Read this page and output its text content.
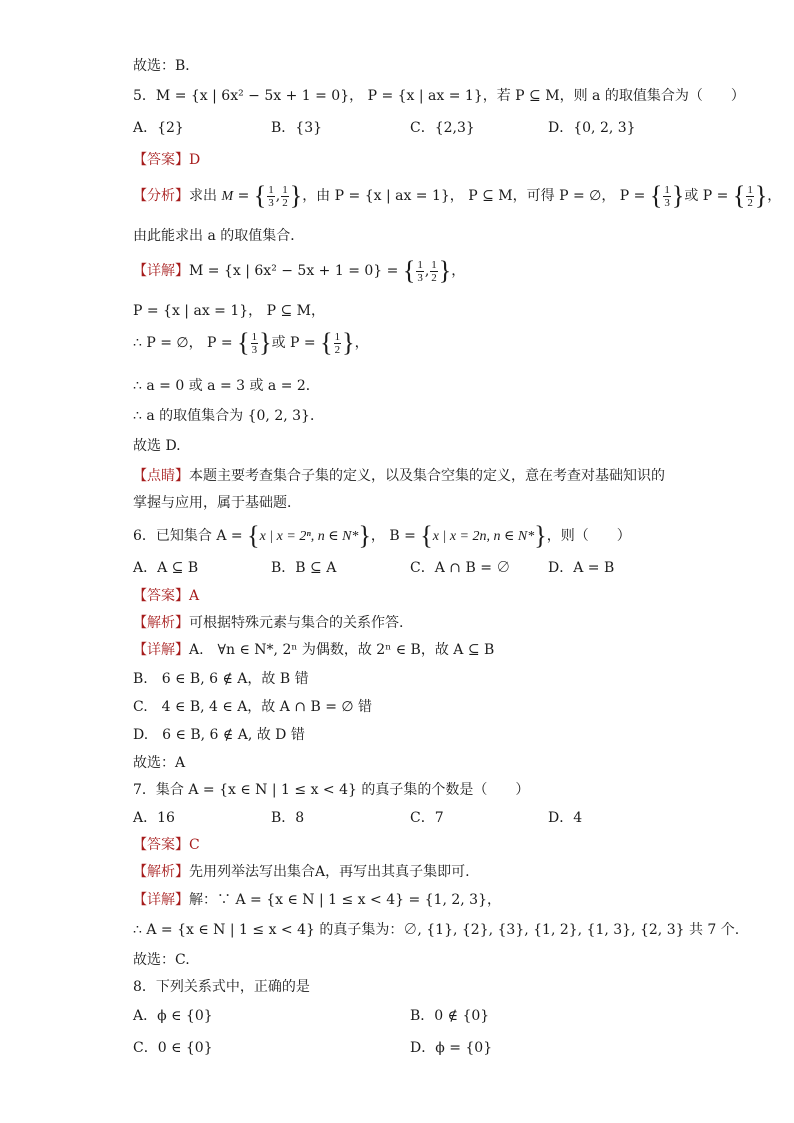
故选：B．
5．M = {x | 6x² − 5x + 1 = 0}， P = {x | ax = 1}，若 P ⊆ M，则 a 的取值集合为（　　）
A．{2}	B．{3}	C．{2,3}	D．{0, 2, 3}
【答案】D
【分析】求出 M = { $\frac{1}{3}$ , $\frac{1}{2}$ }，由 P = {x | ax = 1}， P ⊆ M，可得 P = ∅， P = { $\frac{1}{3}$ }或 P = { $\frac{1}{2}$ }，
由此能求出 a 的取值集合．
【详解】M = {x | 6x² − 5x + 1 = 0} = { $\frac{1}{3}$ , $\frac{1}{2}$ }，
P = {x | ax = 1}， P ⊆ M，
∴ P = ∅， P = { $\frac{1}{3}$ }或 P = { $\frac{1}{2}$ }，
∴ a = 0 或 a = 3 或 a = 2．
∴ a 的取值集合为 {0, 2, 3}．
故选 D.
【点睛】本题主要考查集合子集的定义，以及集合空集的定义，意在考查对基础知识的
掌握与应用，属于基础题．
6．已知集合 A = {x | x = 2ⁿ, n ∈ N*}， B = {x | x = 2n, n ∈ N*}，则（　　）
A．A ⊆ B	B．B ⊆ A	C．A ∩ B = ∅	D．A = B
【答案】A
【解析】可根据特殊元素与集合的关系作答.
【详解】A.　∀n ∈ N*, 2ⁿ 为偶数，故 2ⁿ ∈ B，故 A ⊆ B
B.　6 ∈ B, 6 ∉ A，故 B 错
C.　4 ∈ B, 4 ∈ A，故 A ∩ B = ∅ 错
D.　6 ∈ B, 6 ∉ A, 故 D 错
故选：A
7．集合 A = {x ∈ N | 1 ≤ x < 4} 的真子集的个数是（　　）
A．16	B．8	C．7	D．4
【答案】C
【解析】先用列举法写出集合A，再写出其真子集即可.
【详解】解：∵ A = {x ∈ N | 1 ≤ x < 4} = {1, 2, 3}，
∴ A = {x ∈ N | 1 ≤ x < 4} 的真子集为：∅, {1}, {2}, {3}, {1, 2}, {1, 3}, {2, 3} 共 7 个.
故选：C.
8．下列关系式中，正确的是
A．ϕ ∈ {0}	B．0 ∉ {0}
C．0 ∈ {0}	D．ϕ = {0}
